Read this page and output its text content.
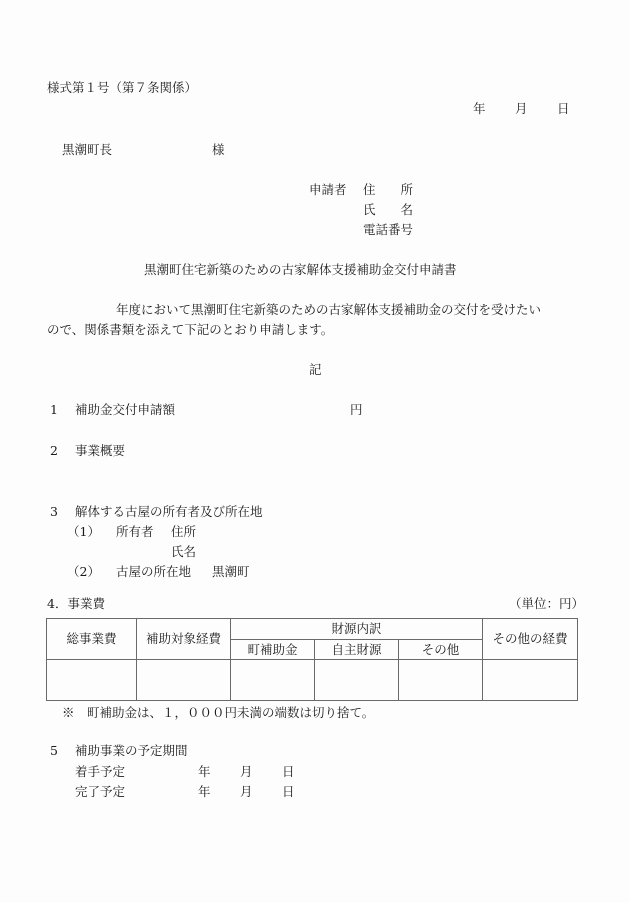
様式第１号（第７条関係）
年 月 日
黒潮町長	様
申請者 住　　所
氏　　名
電話番号
黒潮町住宅新築のための古家解体支援補助金交付申請書
年度において黒潮町住宅新築のための古家解体支援補助金の交付を受けたい
ので、関係書類を添えて下記のとおり申請します。
記
1 補助金交付申請額	円
2 事業概要
3 解体する古屋の所有者及び所在地
（1） 所有者 住所
氏名
（2） 古屋の所在地 黒潮町
4．事業費	（単位：円）
総事業費	補助対象経費	財源内訳			その他の経費
		町補助金	自主財源	その他	

※　町補助金は、１，０００円未満の端数は切り捨て。
5 補助事業の予定期間
着手予定	年 月 日
完了予定	年 月 日
